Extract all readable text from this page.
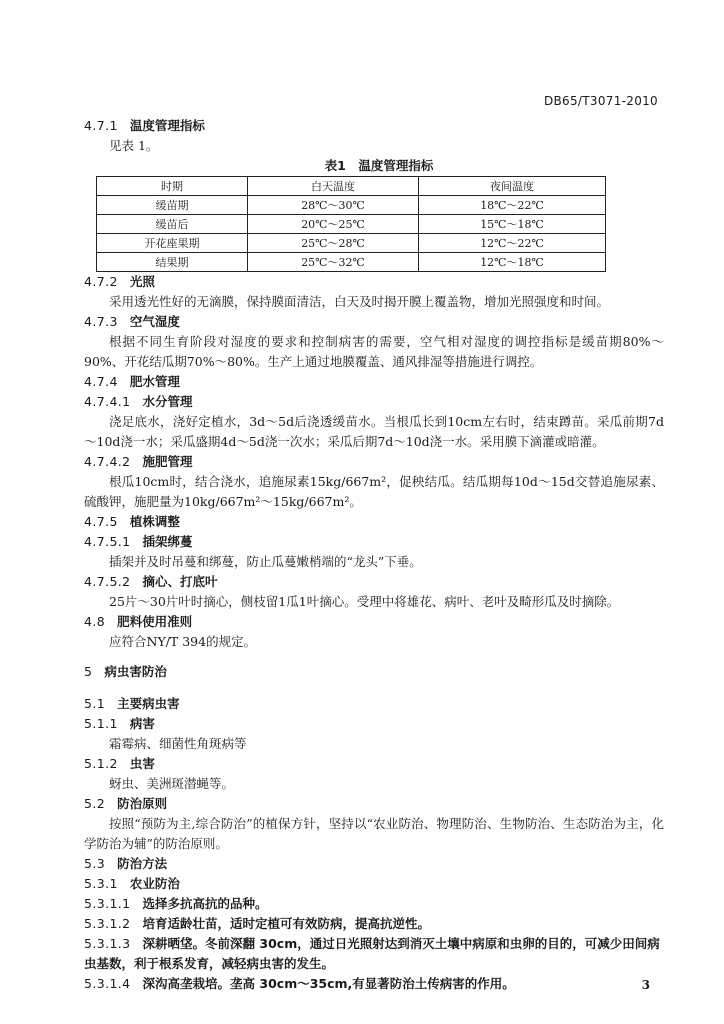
DB65/T3071-2010

4.7.1 温度管理指标

见表 1。

表1　温度管理指标

时期	白天温度	夜间温度
缓苗期	28℃～30℃	18℃～22℃
缓苗后	20℃～25℃	15℃～18℃
开花座果期	25℃～28℃	12℃～22℃
结果期	25℃～32℃	12℃～18℃

4.7.2 光照

采用透光性好的无滴膜，保持膜面清洁，白天及时揭开膜上覆盖物，增加光照强度和时间。

4.7.3 空气湿度

根据不同生育阶段对湿度的要求和控制病害的需要，空气相对湿度的调控指标是缓苗期80%～90%、开花结瓜期70%～80%。生产上通过地膜覆盖、通风排湿等措施进行调控。

4.7.4 肥水管理

4.7.4.1 水分管理

浇足底水，浇好定植水，3d～5d后浇透缓苗水。当根瓜长到10cm左右时，结束蹲苗。采瓜前期7d～10d浇一水；采瓜盛期4d～5d浇一次水；采瓜后期7d～10d浇一水。采用膜下滴灌或暗灌。

4.7.4.2 施肥管理

根瓜10cm时，结合浇水，追施尿素15kg/667m²，促秧结瓜。结瓜期每10d～15d交替追施尿素、硫酸钾，施肥量为10kg/667m²～15kg/667m²。

4.7.5 植株调整

4.7.5.1 插架绑蔓

插架并及时吊蔓和绑蔓，防止瓜蔓嫩梢端的“龙头”下垂。

4.7.5.2 摘心、打底叶

25片～30片叶时摘心，侧枝留1瓜1叶摘心。受理中将雄花、病叶、老叶及畸形瓜及时摘除。

4.8 肥料使用准则

应符合NY/T 394的规定。

5 病虫害防治

5.1 主要病虫害

5.1.1 病害

霜霉病、细菌性角斑病等

5.1.2 虫害

蚜虫、美洲斑潜蝇等。

5.2 防治原则

按照“预防为主,综合防治”的植保方针，坚持以“农业防治、物理防治、生物防治、生态防治为主，化学防治为辅”的防治原则。

5.3 防治方法

5.3.1 农业防治

5.3.1.1 选择多抗高抗的品种。

5.3.1.2 培育适龄壮苗，适时定植可有效防病，提高抗逆性。

5.3.1.3 深耕晒垡。冬前深翻 30cm，通过日光照射达到消灭土壤中病原和虫卵的目的，可减少田间病虫基数，利于根系发育，减轻病虫害的发生。

5.3.1.4 深沟高垄栽培。垄高 30cm～35cm,有显著防治土传病害的作用。	3
